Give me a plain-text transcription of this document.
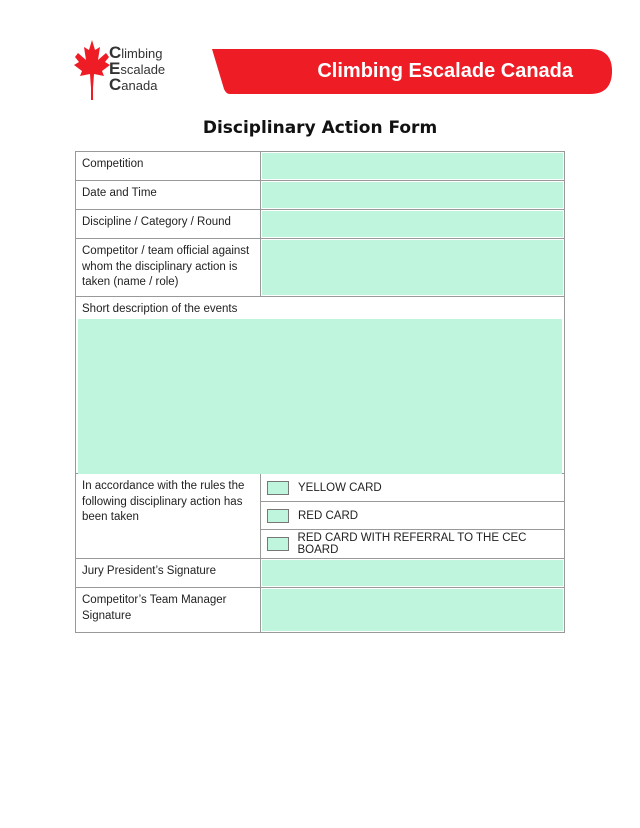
Climbing
Escalade
Canada
Climbing Escalade Canada
Disciplinary Action Form
Competition
Date and Time
Discipline / Category / Round
Competitor / team official against whom the disciplinary action is taken (name / role)
Short description of the events
In accordance with the rules the following disciplinary action has been taken
YELLOW CARD
RED CARD
RED CARD WITH REFERRAL TO THE CEC BOARD
Jury President’s Signature
Competitor’s Team Manager Signature
